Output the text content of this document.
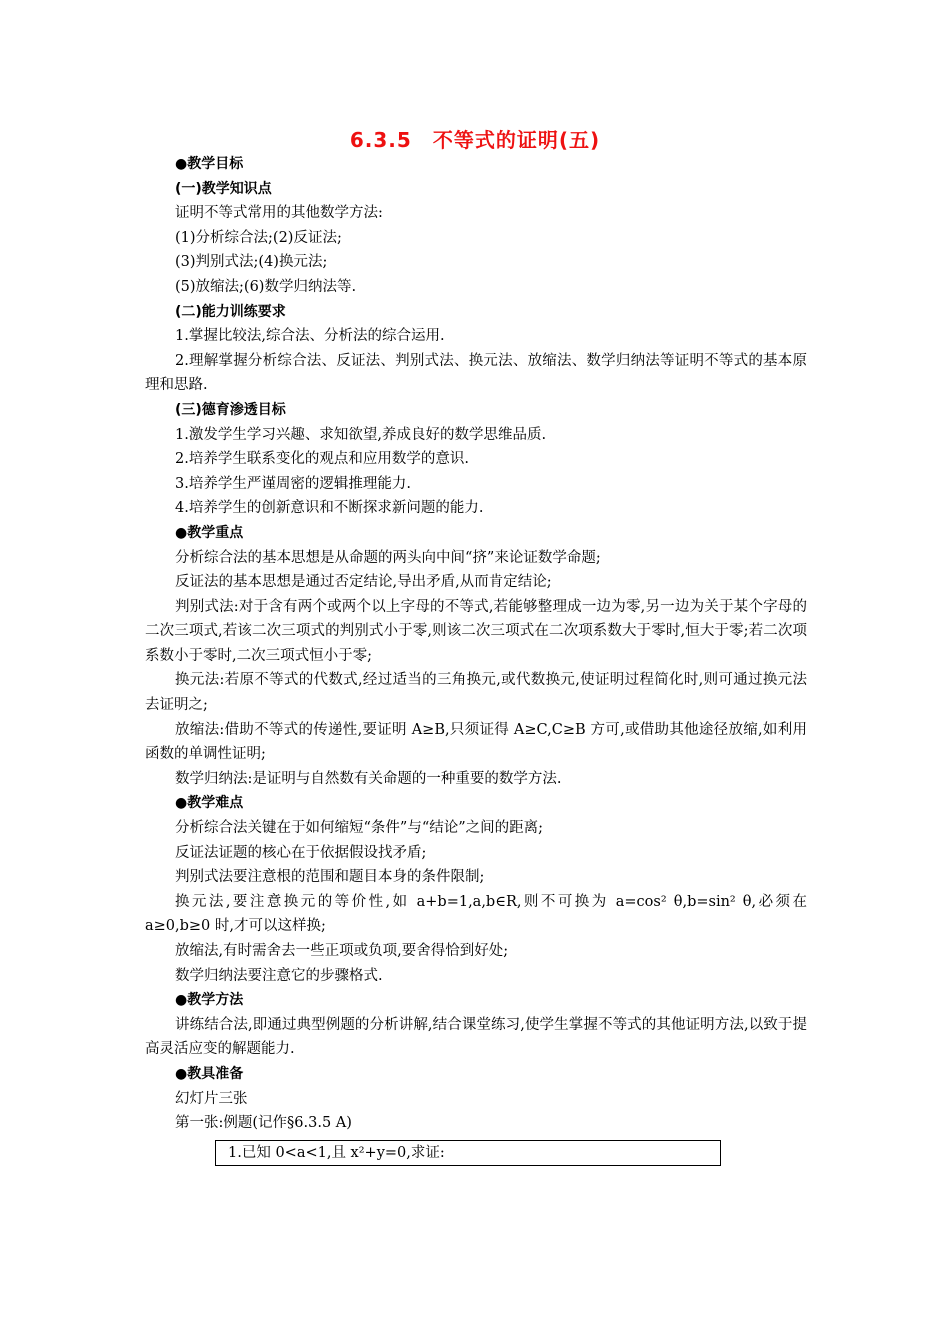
6.3.5　不等式的证明(五)
●教学目标
(一)教学知识点
证明不等式常用的其他数学方法:
(1)分析综合法;(2)反证法;
(3)判别式法;(4)换元法;
(5)放缩法;(6)数学归纳法等.
(二)能力训练要求
1.掌握比较法,综合法、分析法的综合运用.
2.理解掌握分析综合法、反证法、判别式法、换元法、放缩法、数学归纳法等证明不等式的基本原理和思路.
(三)德育渗透目标
1.激发学生学习兴趣、求知欲望,养成良好的数学思维品质.
2.培养学生联系变化的观点和应用数学的意识.
3.培养学生严谨周密的逻辑推理能力.
4.培养学生的创新意识和不断探求新问题的能力.
●教学重点
分析综合法的基本思想是从命题的两头向中间“挤”来论证数学命题;
反证法的基本思想是通过否定结论,导出矛盾,从而肯定结论;
判别式法:对于含有两个或两个以上字母的不等式,若能够整理成一边为零,另一边为关于某个字母的二次三项式,若该二次三项式的判别式小于零,则该二次三项式在二次项系数大于零时,恒大于零;若二次项系数小于零时,二次三项式恒小于零;
换元法:若原不等式的代数式,经过适当的三角换元,或代数换元,使证明过程简化时,则可通过换元法去证明之;
放缩法:借助不等式的传递性,要证明 A≥B,只须证得 A≥C,C≥B 方可,或借助其他途径放缩,如利用函数的单调性证明;
数学归纳法:是证明与自然数有关命题的一种重要的数学方法.
●教学难点
分析综合法关键在于如何缩短“条件”与“结论”之间的距离;
反证法证题的核心在于依据假设找矛盾;
判别式法要注意根的范围和题目本身的条件限制;
换元法,要注意换元的等价性,如 a+b=1,a,b∈R,则不可换为 a=cos² θ,b=sin² θ,必须在 a≥0,b≥0 时,才可以这样换;
放缩法,有时需舍去一些正项或负项,要舍得恰到好处;
数学归纳法要注意它的步骤格式.
●教学方法
讲练结合法,即通过典型例题的分析讲解,结合课堂练习,使学生掌握不等式的其他证明方法,以致于提高灵活应变的解题能力.
●教具准备
幻灯片三张
第一张:例题(记作§6.3.5 A)
1.已知 0<a<1,且 x²+y=0,求证:
